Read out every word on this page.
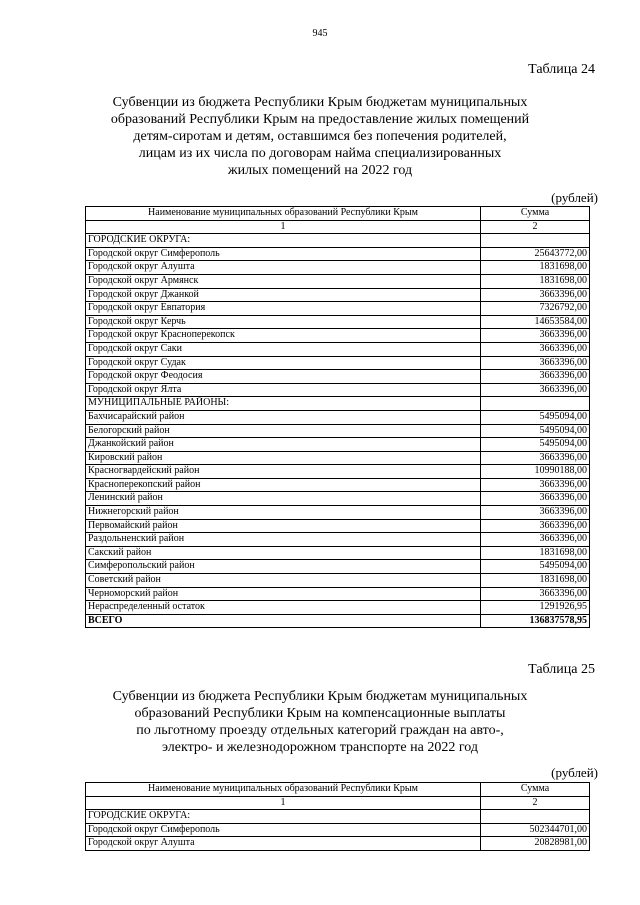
945
Таблица 24
Субвенции из бюджета Республики Крым бюджетам муниципальных
образований Республики Крым на предоставление жилых помещений
детям-сиротам и детям, оставшимся без попечения родителей,
лицам из их числа по договорам найма специализированных
жилых помещений на 2022 год
(рублей)
Наименование муниципальных образований Республики Крым	Сумма
1	2
ГОРОДСКИЕ ОКРУГА:	
Городской округ Симферополь	25643772,00
Городской округ Алушта	1831698,00
Городской округ Армянск	1831698,00
Городской округ Джанкой	3663396,00
Городской округ Евпатория	7326792,00
Городской округ Керчь	14653584,00
Городской округ Красноперекопск	3663396,00
Городской округ Саки	3663396,00
Городской округ Судак	3663396,00
Городской округ Феодосия	3663396,00
Городской округ Ялта	3663396,00
МУНИЦИПАЛЬНЫЕ РАЙОНЫ:	
Бахчисарайский район	5495094,00
Белогорский район	5495094,00
Джанкойский район	5495094,00
Кировский район	3663396,00
Красногвардейский район	10990188,00
Красноперекопский район	3663396,00
Ленинский район	3663396,00
Нижнегорский район	3663396,00
Первомайский район	3663396,00
Раздольненский район	3663396,00
Сакский район	1831698,00
Симферопольский район	5495094,00
Советский район	1831698,00
Черноморский район	3663396,00
Нераспределенный остаток	1291926,95
ВСЕГО	136837578,95
Таблица 25
Субвенции из бюджета Республики Крым бюджетам муниципальных
образований Республики Крым на компенсационные выплаты
по льготному проезду отдельных категорий граждан на авто-,
электро- и железнодорожном транспорте на 2022 год
(рублей)
Наименование муниципальных образований Республики Крым	Сумма
1	2
ГОРОДСКИЕ ОКРУГА:	
Городской округ Симферополь	502344701,00
Городской округ Алушта	20828981,00
